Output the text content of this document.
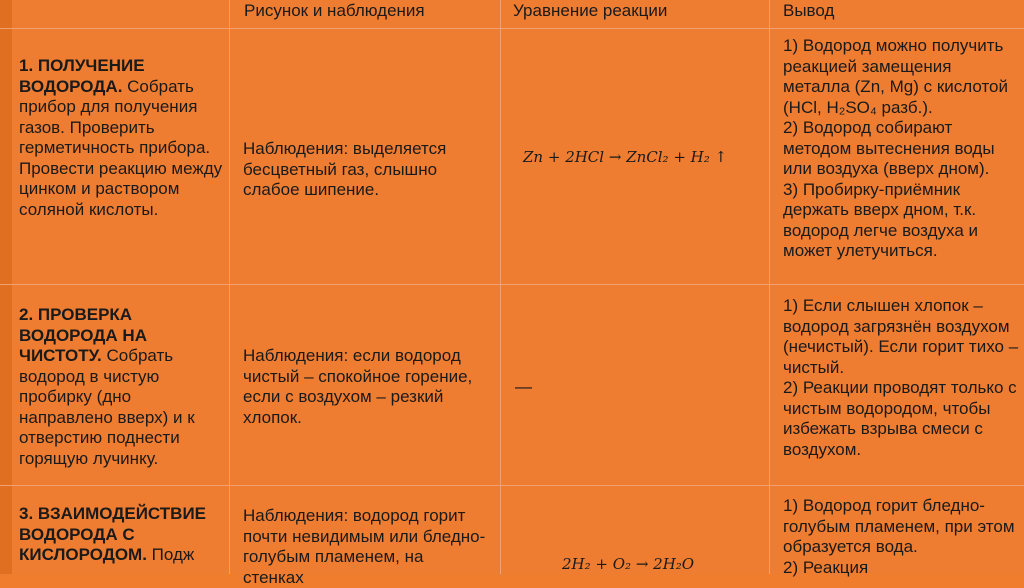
Рисунок и наблюдения	Уравнение реакции	Вывод
1. ПОЛУЧЕНИЕ ВОДОРОДА. Собрать прибор для получения газов. Проверить герметичность прибора. Провести реакцию между цинком и раствором соляной кислоты.
Наблюдения: выделяется бесцветный газ, слышно слабое шипение.
Zn + 2HCl → ZnCl₂ + H₂ ↑
1) Водород можно получить реакцией замещения металла (Zn, Mg) с кислотой (HCl, H₂SO₄ разб.).
2) Водород собирают методом вытеснения воды или воздуха (вверх дном).
3) Пробирку-приёмник держать вверх дном, т.к. водород легче воздуха и может улетучиться.
2. ПРОВЕРКА ВОДОРОДА НА ЧИСТОТУ. Собрать водород в чистую пробирку (дно направлено вверх) и к отверстию поднести горящую лучинку.
Наблюдения: если водород чистый – спокойное горение, если с воздухом – резкий хлопок.
—
1) Если слышен хлопок – водород загрязнён воздухом (нечистый). Если горит тихо – чистый.
2) Реакции проводят только с чистым водородом, чтобы избежать взрыва смеси с воздухом.
3. ВЗАИМОДЕЙСТВИЕ ВОДОРОДА С КИСЛОРОДОМ. Подж
Наблюдения: водород горит почти невидимым или бледно-голубым пламенем, на стенках
2H₂ + O₂ → 2H₂O
1) Водород горит бледно-голубым пламенем, при этом образуется вода.
2) Реакция
